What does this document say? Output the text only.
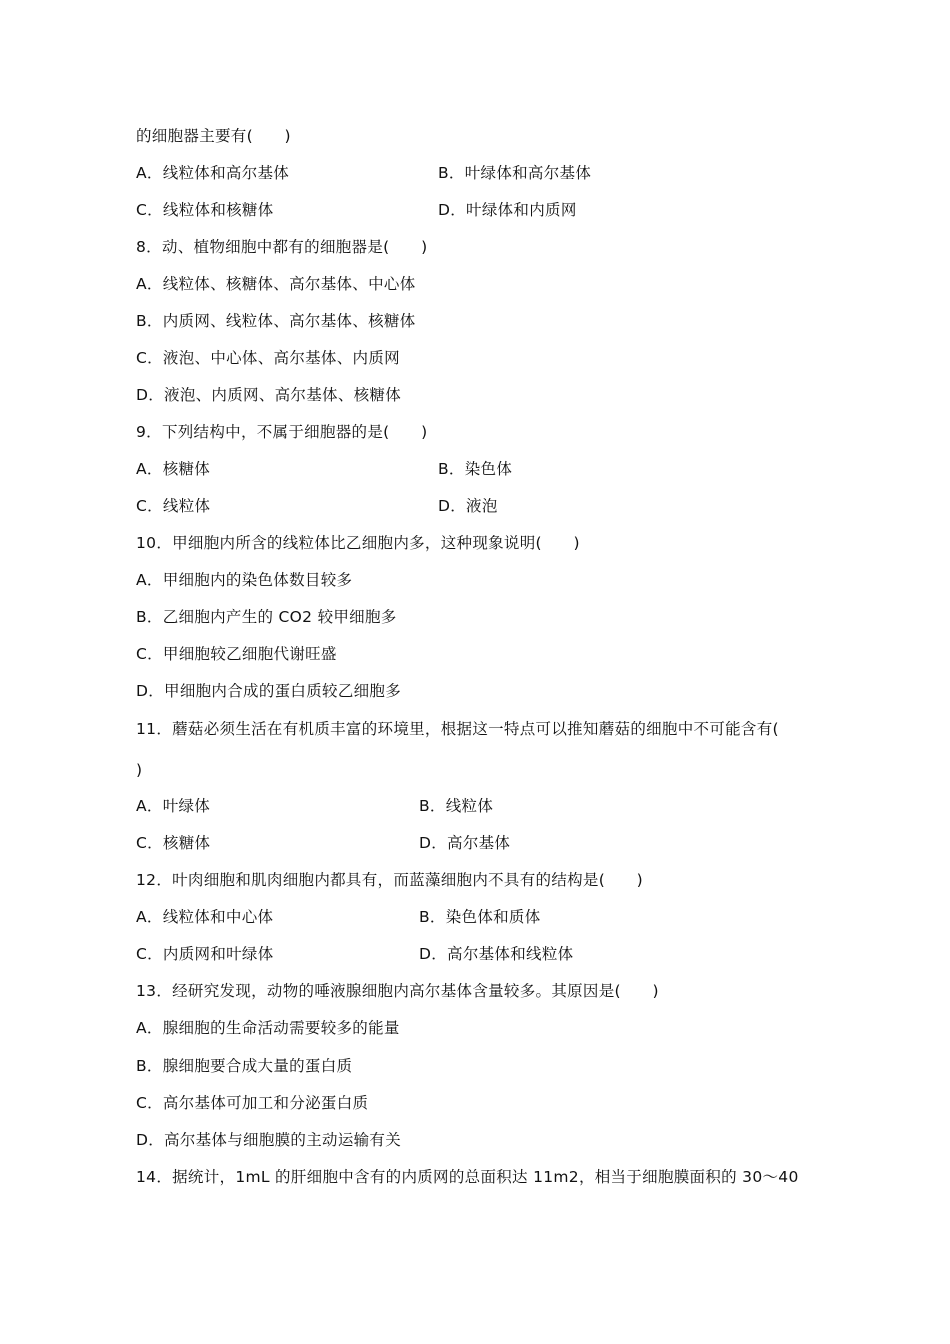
的细胞器主要有(　　)
A．线粒体和高尔基体	B．叶绿体和高尔基体
C．线粒体和核糖体	D．叶绿体和内质网
8．动、植物细胞中都有的细胞器是(　　)
A．线粒体、核糖体、高尔基体、中心体
B．内质网、线粒体、高尔基体、核糖体
C．液泡、中心体、高尔基体、内质网
D．液泡、内质网、高尔基体、核糖体
9．下列结构中，不属于细胞器的是(　　)
A．核糖体	B．染色体
C．线粒体	D．液泡
10．甲细胞内所含的线粒体比乙细胞内多，这种现象说明(　　)
A．甲细胞内的染色体数目较多
B．乙细胞内产生的 CO2 较甲细胞多
C．甲细胞较乙细胞代谢旺盛
D．甲细胞内合成的蛋白质较乙细胞多
11．蘑菇必须生活在有机质丰富的环境里，根据这一特点可以推知蘑菇的细胞中不可能含有(
)
A．叶绿体	B．线粒体
C．核糖体	D．高尔基体
12．叶肉细胞和肌肉细胞内都具有，而蓝藻细胞内不具有的结构是(　　)
A．线粒体和中心体	B．染色体和质体
C．内质网和叶绿体	D．高尔基体和线粒体
13．经研究发现，动物的唾液腺细胞内高尔基体含量较多。其原因是(　　)
A．腺细胞的生命活动需要较多的能量
B．腺细胞要合成大量的蛋白质
C．高尔基体可加工和分泌蛋白质
D．高尔基体与细胞膜的主动运输有关
14．据统计，1mL 的肝细胞中含有的内质网的总面积达 11m2，相当于细胞膜面积的 30～40
